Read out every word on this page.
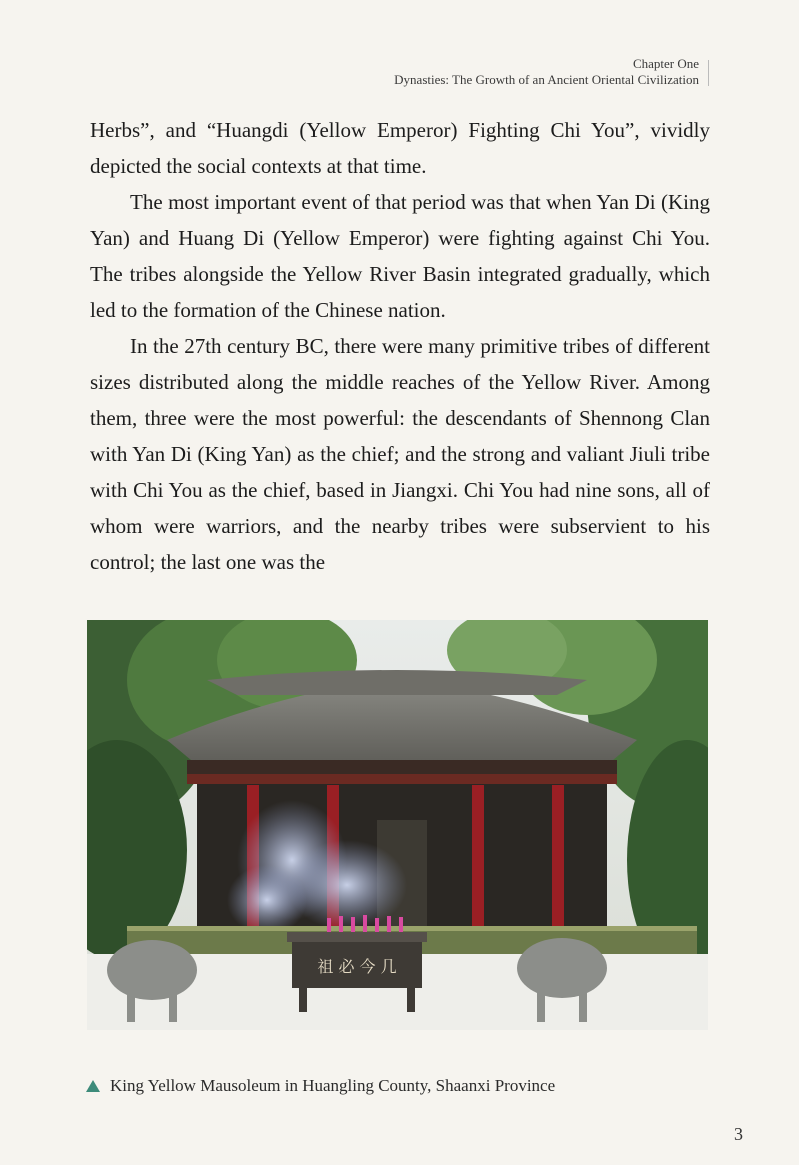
Chapter One
Dynasties: The Growth of an Ancient Oriental Civilization

Herbs”, and “Huangdi (Yellow Emperor) Fighting Chi You”, vividly depicted the social contexts at that time.

The most important event of that period was that when Yan Di (King Yan) and Huang Di (Yellow Emperor) were fighting against Chi You. The tribes alongside the Yellow River Basin integrated gradually, which led to the formation of the Chinese nation.

In the 27th century BC, there were many primitive tribes of different sizes distributed along the middle reaches of the Yellow River. Among them, three were the most powerful: the descendants of Shennong Clan with Yan Di (King Yan) as the chief; and the strong and valiant Jiuli tribe with Chi You as the chief, based in Jiangxi. Chi You had nine sons, all of whom were warriors, and the nearby tribes were subservient to his control; the last one was the

祖 必 今 几
King Yellow Mausoleum in Huangling County, Shaanxi Province
3
